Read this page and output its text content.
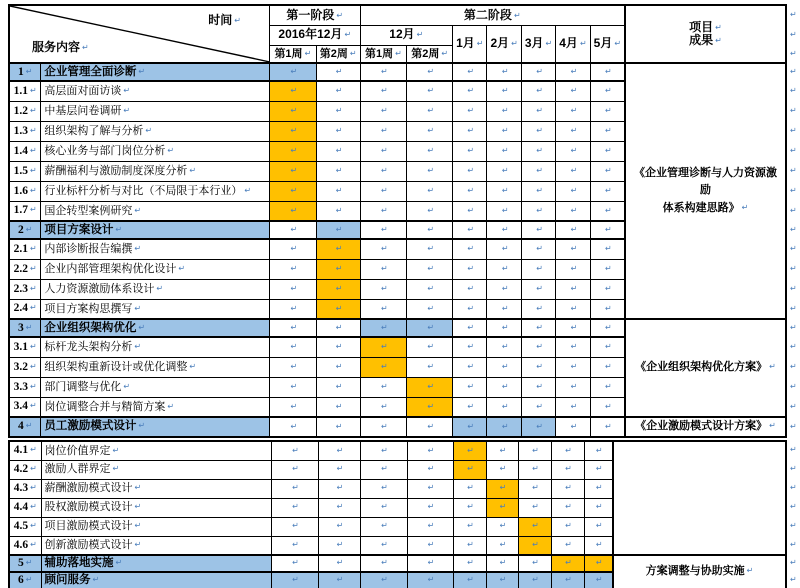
时间 ↵
服务内容 ↵
	第一阶段 ↵	第二阶段 ↵	
项目 ↵
成果 ↵
	↵
		2016年12月 ↵		12月 ↵		1月 ↵	2月 ↵	3月 ↵	4月 ↵	5月 ↵		↵
		第1周 ↵	第2周 ↵	第1周 ↵	第2周 ↵							↵
1 ↵	企业管理全面诊断 ↵	↵	↵	↵	↵	↵	↵	↵	↵	↵	《企业管理诊断与人力资源激励
体系构建思路》 ↵	↵
1.1 ↵	高层面对面访谈 ↵	↵	↵	↵	↵	↵	↵	↵	↵	↵		↵
1.2 ↵	中基层问卷调研 ↵	↵	↵	↵	↵	↵	↵	↵	↵	↵		↵
1.3 ↵	组织架构了解与分析 ↵	↵	↵	↵	↵	↵	↵	↵	↵	↵		↵
1.4 ↵	核心业务与部门岗位分析 ↵	↵	↵	↵	↵	↵	↵	↵	↵	↵		↵
1.5 ↵	薪酬福利与激励制度深度分析 ↵	↵	↵	↵	↵	↵	↵	↵	↵	↵		↵
1.6 ↵	行业标杆分析与对比（不局限于本行业） ↵	↵	↵	↵	↵	↵	↵	↵	↵	↵		↵
1.7 ↵	国企转型案例研究 ↵	↵	↵	↵	↵	↵	↵	↵	↵	↵		↵
2 ↵	项目方案设计 ↵	↵	↵	↵	↵	↵	↵	↵	↵	↵		↵
2.1 ↵	内部诊断报告编撰 ↵	↵	↵	↵	↵	↵	↵	↵	↵	↵		↵
2.2 ↵	企业内部管理架构优化设计 ↵	↵	↵	↵	↵	↵	↵	↵	↵	↵		↵
2.3 ↵	人力资源激励体系设计 ↵	↵	↵	↵	↵	↵	↵	↵	↵	↵		↵
2.4 ↵	项目方案构思撰写 ↵	↵	↵	↵	↵	↵	↵	↵	↵	↵		↵
3 ↵	企业组织架构优化 ↵	↵	↵	↵	↵	↵	↵	↵	↵	↵	《企业组织架构优化方案》 ↵	↵
3.1 ↵	标杆龙头架构分析 ↵	↵	↵	↵	↵	↵	↵	↵	↵	↵		↵
3.2 ↵	组织架构重新设计或优化调整 ↵	↵	↵	↵	↵	↵	↵	↵	↵	↵		↵
3.3 ↵	部门调整与优化 ↵	↵	↵	↵	↵	↵	↵	↵	↵	↵		↵
3.4 ↵	岗位调整合并与精简方案 ↵	↵	↵	↵	↵	↵	↵	↵	↵	↵		↵
4 ↵	员工激励模式设计 ↵	↵	↵	↵	↵	↵	↵	↵	↵	↵	《企业激励模式设计方案》 ↵	↵
4.1 ↵	岗位价值界定 ↵	↵	↵	↵	↵	↵	↵	↵	↵	↵		↵
4.2 ↵	激励人群界定 ↵	↵	↵	↵	↵	↵	↵	↵	↵	↵		↵
4.3 ↵	薪酬激励模式设计 ↵	↵	↵	↵	↵	↵	↵	↵	↵	↵		↵
4.4 ↵	股权激励模式设计 ↵	↵	↵	↵	↵	↵	↵	↵	↵	↵		↵
4.5 ↵	项目激励模式设计 ↵	↵	↵	↵	↵	↵	↵	↵	↵	↵		↵
4.6 ↵	创新激励模式设计 ↵	↵	↵	↵	↵	↵	↵	↵	↵	↵		↵
5 ↵	辅助落地实施 ↵	↵	↵	↵	↵	↵	↵	↵	↵	↵	方案调整与协助实施 ↵	↵
6 ↵	顾问服务 ↵	↵	↵	↵	↵	↵	↵	↵	↵	↵		↵
